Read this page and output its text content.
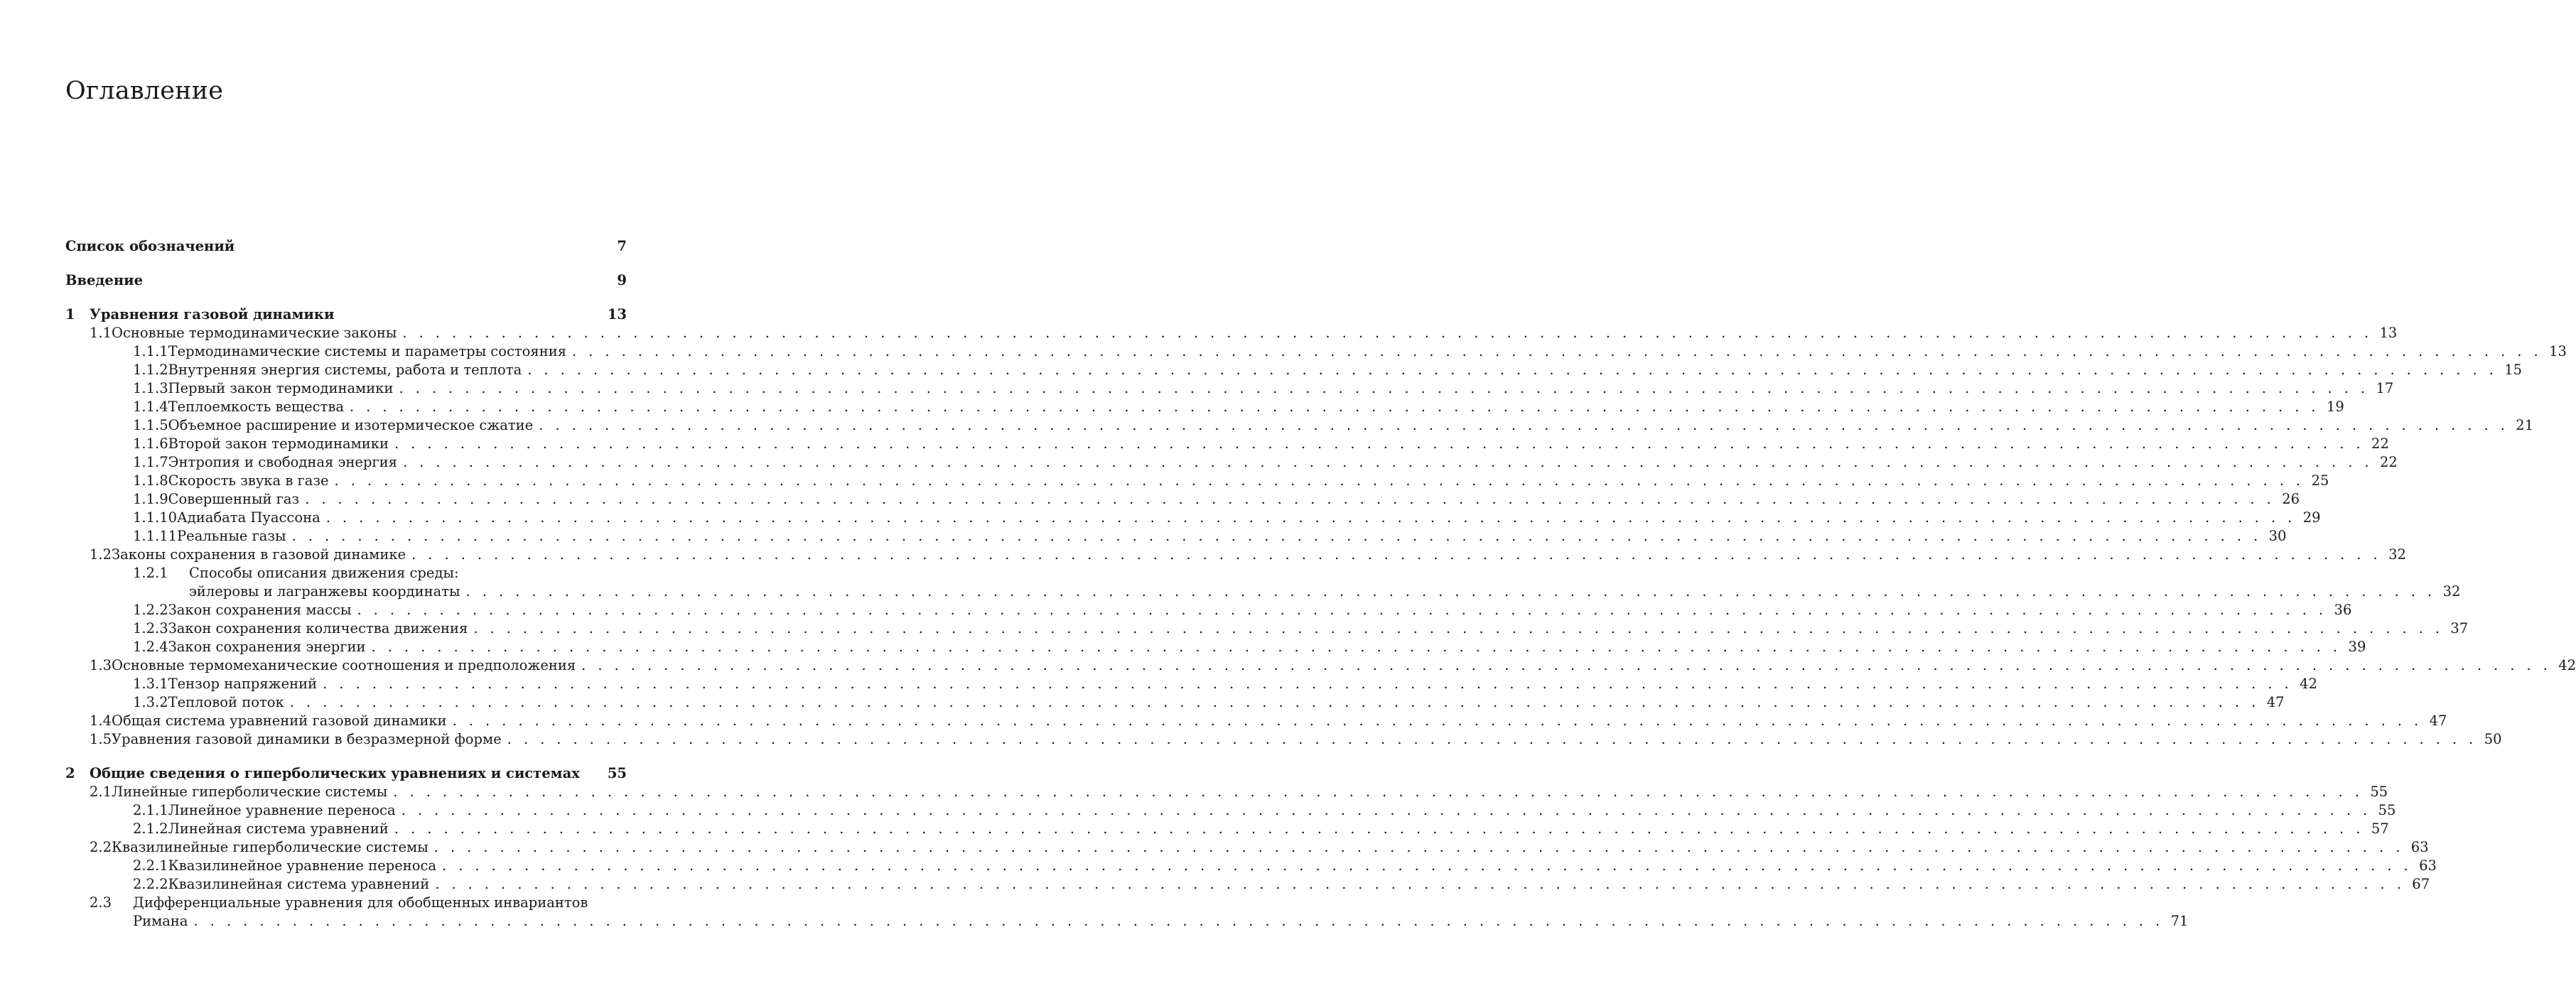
Оглавление
Список обозначений	7
Введение	9
1	Уравнения газовой динамики	13
1.1 Основные термодинамические законы . . . . . . . . . . . . . . . . . . . . . . . . . . . . . . . . . . . . . . . . . . . . . . . . . . . . . . . . . . . . . . . . . . . . . . . . . . . . . . . . . . . . . . . . . . . . . . . . . . . . . . . . . . . . . . . . . . . . . . . . 13
1.1.1 Термодинамические системы и параметры состояния . . . . . . . . . . . . . . . . . . . . . . . . . . . . . . . . . . . . . . . . . . . . . . . . . . . . . . . . . . . . . . . . . . . . . . . . . . . . . . . . . . . . . . . . . . . . . . . . . . . . . . . . . . . . . . . . . . . . . . . . 13
1.1.2 Внутренняя энергия системы, работа и теплота . . . . . . . . . . . . . . . . . . . . . . . . . . . . . . . . . . . . . . . . . . . . . . . . . . . . . . . . . . . . . . . . . . . . . . . . . . . . . . . . . . . . . . . . . . . . . . . . . . . . . . . . . . . . . . . . . . . . . . . . 15
1.1.3 Первый закон термодинамики . . . . . . . . . . . . . . . . . . . . . . . . . . . . . . . . . . . . . . . . . . . . . . . . . . . . . . . . . . . . . . . . . . . . . . . . . . . . . . . . . . . . . . . . . . . . . . . . . . . . . . . . . . . . . . . . . . . . . . . . 17
1.1.4 Теплоемкость вещества . . . . . . . . . . . . . . . . . . . . . . . . . . . . . . . . . . . . . . . . . . . . . . . . . . . . . . . . . . . . . . . . . . . . . . . . . . . . . . . . . . . . . . . . . . . . . . . . . . . . . . . . . . . . . . . . . . . . . . . . 19
1.1.5 Объемное расширение и изотермическое сжатие . . . . . . . . . . . . . . . . . . . . . . . . . . . . . . . . . . . . . . . . . . . . . . . . . . . . . . . . . . . . . . . . . . . . . . . . . . . . . . . . . . . . . . . . . . . . . . . . . . . . . . . . . . . . . . . . . . . . . . . . 21
1.1.6 Второй закон термодинамики . . . . . . . . . . . . . . . . . . . . . . . . . . . . . . . . . . . . . . . . . . . . . . . . . . . . . . . . . . . . . . . . . . . . . . . . . . . . . . . . . . . . . . . . . . . . . . . . . . . . . . . . . . . . . . . . . . . . . . . . 22
1.1.7 Энтропия и свободная энергия . . . . . . . . . . . . . . . . . . . . . . . . . . . . . . . . . . . . . . . . . . . . . . . . . . . . . . . . . . . . . . . . . . . . . . . . . . . . . . . . . . . . . . . . . . . . . . . . . . . . . . . . . . . . . . . . . . . . . . . . 22
1.1.8 Скорость звука в газе . . . . . . . . . . . . . . . . . . . . . . . . . . . . . . . . . . . . . . . . . . . . . . . . . . . . . . . . . . . . . . . . . . . . . . . . . . . . . . . . . . . . . . . . . . . . . . . . . . . . . . . . . . . . . . . . . . . . . . . . 25
1.1.9 Совершенный газ . . . . . . . . . . . . . . . . . . . . . . . . . . . . . . . . . . . . . . . . . . . . . . . . . . . . . . . . . . . . . . . . . . . . . . . . . . . . . . . . . . . . . . . . . . . . . . . . . . . . . . . . . . . . . . . . . . . . . . . . 26
1.1.10 Адиабата Пуассона . . . . . . . . . . . . . . . . . . . . . . . . . . . . . . . . . . . . . . . . . . . . . . . . . . . . . . . . . . . . . . . . . . . . . . . . . . . . . . . . . . . . . . . . . . . . . . . . . . . . . . . . . . . . . . . . . . . . . . . . 29
1.1.11 Реальные газы . . . . . . . . . . . . . . . . . . . . . . . . . . . . . . . . . . . . . . . . . . . . . . . . . . . . . . . . . . . . . . . . . . . . . . . . . . . . . . . . . . . . . . . . . . . . . . . . . . . . . . . . . . . . . . . . . . . . . . . . 30
1.2 Законы сохранения в газовой динамике . . . . . . . . . . . . . . . . . . . . . . . . . . . . . . . . . . . . . . . . . . . . . . . . . . . . . . . . . . . . . . . . . . . . . . . . . . . . . . . . . . . . . . . . . . . . . . . . . . . . . . . . . . . . . . . . . . . . . . . . 32
1.2.1	Способы описания движения среды:
эйлеровы и лагранжевы координаты . . . . . . . . . . . . . . . . . . . . . . . . . . . . . . . . . . . . . . . . . . . . . . . . . . . . . . . . . . . . . . . . . . . . . . . . . . . . . . . . . . . . . . . . . . . . . . . . . . . . . . . . . . . . . . . . . . . . . . . . 32
1.2.2 Закон сохранения массы . . . . . . . . . . . . . . . . . . . . . . . . . . . . . . . . . . . . . . . . . . . . . . . . . . . . . . . . . . . . . . . . . . . . . . . . . . . . . . . . . . . . . . . . . . . . . . . . . . . . . . . . . . . . . . . . . . . . . . . . 36
1.2.3 Закон сохранения количества движения . . . . . . . . . . . . . . . . . . . . . . . . . . . . . . . . . . . . . . . . . . . . . . . . . . . . . . . . . . . . . . . . . . . . . . . . . . . . . . . . . . . . . . . . . . . . . . . . . . . . . . . . . . . . . . . . . . . . . . . . 37
1.2.4 Закон сохранения энергии . . . . . . . . . . . . . . . . . . . . . . . . . . . . . . . . . . . . . . . . . . . . . . . . . . . . . . . . . . . . . . . . . . . . . . . . . . . . . . . . . . . . . . . . . . . . . . . . . . . . . . . . . . . . . . . . . . . . . . . . 39
1.3 Основные термомеханические соотношения и предположения . . . . . . . . . . . . . . . . . . . . . . . . . . . . . . . . . . . . . . . . . . . . . . . . . . . . . . . . . . . . . . . . . . . . . . . . . . . . . . . . . . . . . . . . . . . . . . . . . . . . . . . . . . . . . . . . . . . . . . . . 42
1.3.1 Тензор напряжений . . . . . . . . . . . . . . . . . . . . . . . . . . . . . . . . . . . . . . . . . . . . . . . . . . . . . . . . . . . . . . . . . . . . . . . . . . . . . . . . . . . . . . . . . . . . . . . . . . . . . . . . . . . . . . . . . . . . . . . . 42
1.3.2 Тепловой поток . . . . . . . . . . . . . . . . . . . . . . . . . . . . . . . . . . . . . . . . . . . . . . . . . . . . . . . . . . . . . . . . . . . . . . . . . . . . . . . . . . . . . . . . . . . . . . . . . . . . . . . . . . . . . . . . . . . . . . . . 47
1.4 Общая система уравнений газовой динамики . . . . . . . . . . . . . . . . . . . . . . . . . . . . . . . . . . . . . . . . . . . . . . . . . . . . . . . . . . . . . . . . . . . . . . . . . . . . . . . . . . . . . . . . . . . . . . . . . . . . . . . . . . . . . . . . . . . . . . . . 47
1.5 Уравнения газовой динамики в безразмерной форме . . . . . . . . . . . . . . . . . . . . . . . . . . . . . . . . . . . . . . . . . . . . . . . . . . . . . . . . . . . . . . . . . . . . . . . . . . . . . . . . . . . . . . . . . . . . . . . . . . . . . . . . . . . . . . . . . . . . . . . . 50
2	Общие сведения о гиперболических уравнениях и системах 55
2.1 Линейные гиперболические системы . . . . . . . . . . . . . . . . . . . . . . . . . . . . . . . . . . . . . . . . . . . . . . . . . . . . . . . . . . . . . . . . . . . . . . . . . . . . . . . . . . . . . . . . . . . . . . . . . . . . . . . . . . . . . . . . . . . . . . . . 55
2.1.1 Линейное уравнение переноса . . . . . . . . . . . . . . . . . . . . . . . . . . . . . . . . . . . . . . . . . . . . . . . . . . . . . . . . . . . . . . . . . . . . . . . . . . . . . . . . . . . . . . . . . . . . . . . . . . . . . . . . . . . . . . . . . . . . . . . . 55
2.1.2 Линейная система уравнений . . . . . . . . . . . . . . . . . . . . . . . . . . . . . . . . . . . . . . . . . . . . . . . . . . . . . . . . . . . . . . . . . . . . . . . . . . . . . . . . . . . . . . . . . . . . . . . . . . . . . . . . . . . . . . . . . . . . . . . . 57
2.2 Квазилинейные гиперболические системы . . . . . . . . . . . . . . . . . . . . . . . . . . . . . . . . . . . . . . . . . . . . . . . . . . . . . . . . . . . . . . . . . . . . . . . . . . . . . . . . . . . . . . . . . . . . . . . . . . . . . . . . . . . . . . . . . . . . . . . . 63
2.2.1 Квазилинейное уравнение переноса . . . . . . . . . . . . . . . . . . . . . . . . . . . . . . . . . . . . . . . . . . . . . . . . . . . . . . . . . . . . . . . . . . . . . . . . . . . . . . . . . . . . . . . . . . . . . . . . . . . . . . . . . . . . . . . . . . . . . . . . 63
2.2.2 Квазилинейная система уравнений . . . . . . . . . . . . . . . . . . . . . . . . . . . . . . . . . . . . . . . . . . . . . . . . . . . . . . . . . . . . . . . . . . . . . . . . . . . . . . . . . . . . . . . . . . . . . . . . . . . . . . . . . . . . . . . . . . . . . . . . 67
2.3	Дифференциальные уравнения для обобщенных инвариантов
Римана . . . . . . . . . . . . . . . . . . . . . . . . . . . . . . . . . . . . . . . . . . . . . . . . . . . . . . . . . . . . . . . . . . . . . . . . . . . . . . . . . . . . . . . . . . . . . . . . . . . . . . . . . . . . . . . . . . . . . . . . 71
